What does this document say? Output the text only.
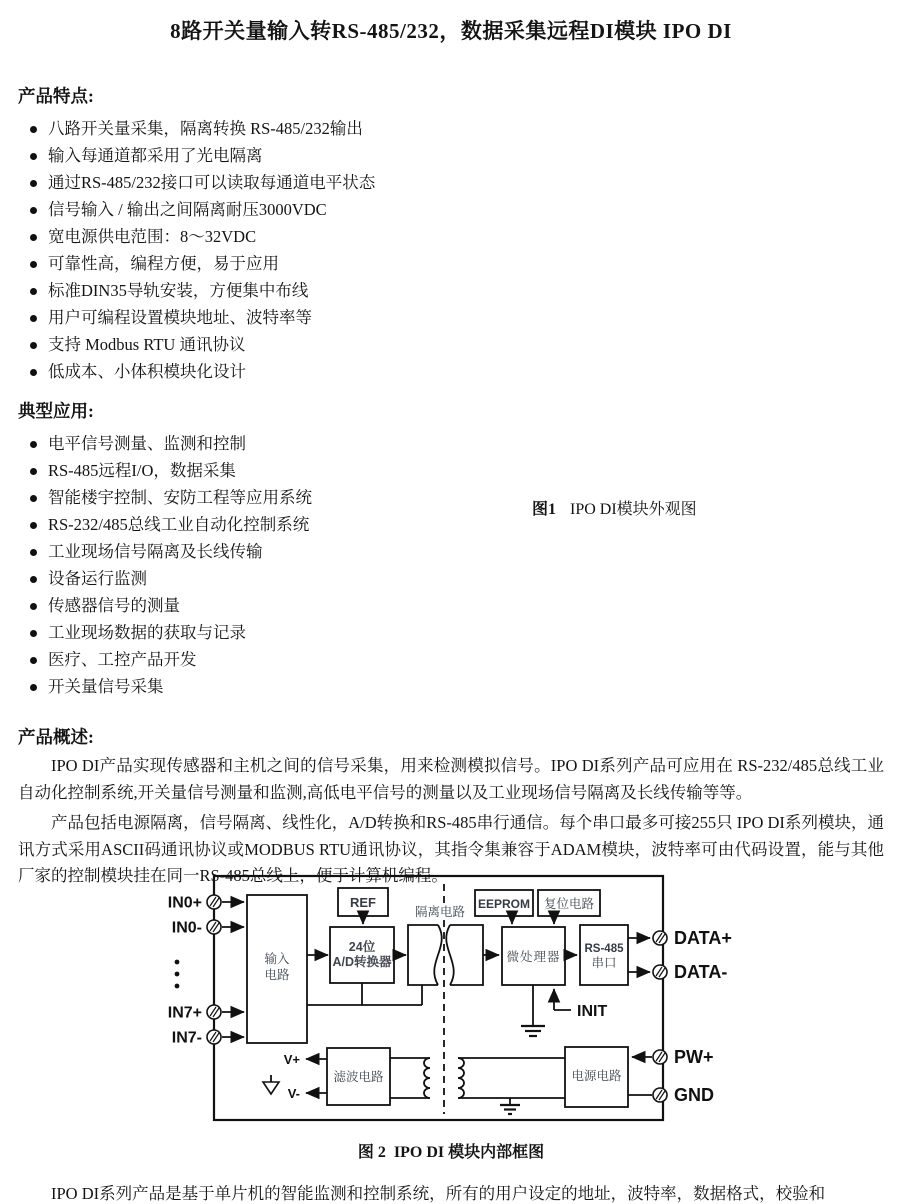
8路开关量输入转RS-485/232，数据采集远程DI模块 IPO DI
产品特点:
八路开关量采集，隔离转换 RS-485/232输出
输入每通道都采用了光电隔离
通过RS-485/232接口可以读取每通道电平状态
信号输入 / 输出之间隔离耐压3000VDC
宽电源供电范围：8～32VDC
可靠性高，编程方便，易于应用
标准DIN35导轨安装，方便集中布线
用户可编程设置模块地址、波特率等
支持 Modbus RTU 通讯协议
低成本、小体积模块化设计
典型应用:
电平信号测量、监测和控制
RS-485远程I/O，数据采集
智能楼宇控制、安防工程等应用系统
RS-232/485总线工业自动化控制系统
工业现场信号隔离及长线传输
设备运行监测
传感器信号的测量
工业现场数据的获取与记录
医疗、工控产品开发
开关量信号采集
图1 IPO DI模块外观图
产品概述:

IPO DI产品实现传感器和主机之间的信号采集，用来检测模拟信号。IPO DI系列产品可应用在 RS-232/485总线工业自动化控制系统,开关量信号测量和监测,高低电平信号的测量以及工业现场信号隔离及长线传输等等。

产品包括电源隔离，信号隔离、线性化，A/D转换和RS-485串行通信。每个串口最多可接255只 IPO DI系列模块，通讯方式采用ASCII码通讯协议或MODBUS RTU通讯协议，其指令集兼容于ADAM模块，波特率可由代码设置，能与其他厂家的控制模块挂在同一RS-485总线上，便于计算机编程。

IN0+
IN0-
IN7+
IN7-
输入
电路
REF
24位
A/D转换器
隔离电路
EEPROM 复位电路
微处理器
INIT
RS-485
串口
滤波电路
V+
V-
电源电路
DATA+
DATA-
PW+
GND
图 2 IPO DI 模块内部框图

IPO DI系列产品是基于单片机的智能监测和控制系统，所有的用户设定的地址，波特率，数据格式，校验和
